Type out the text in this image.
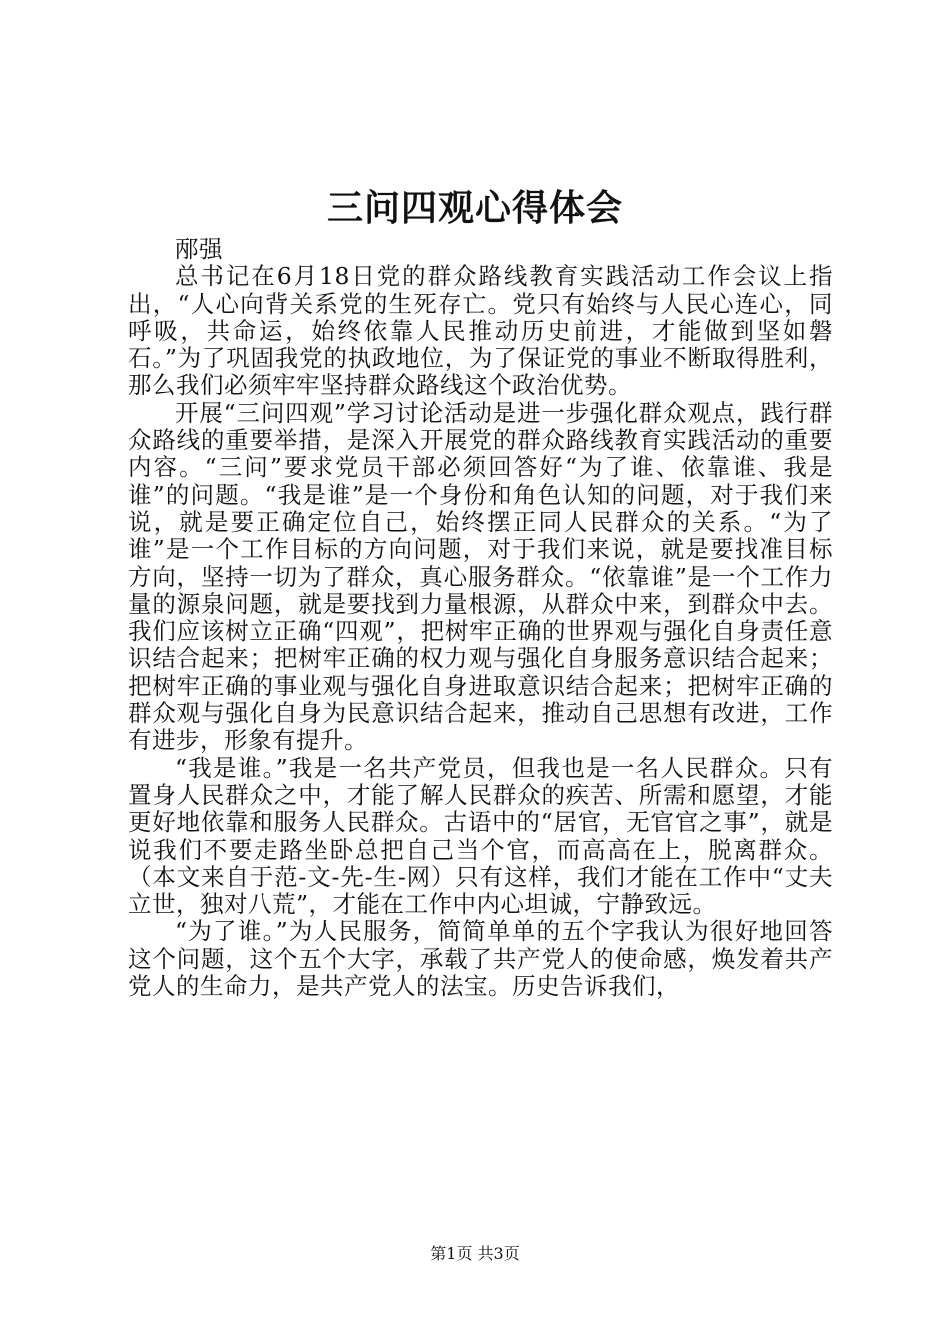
三问四观心得体会

邴强

总书记在6月18日党的群众路线教育实践活动工作会议上指出，“人心向背关系党的生死存亡。党只有始终与人民心连心，同呼吸，共命运，始终依靠人民推动历史前进，才能做到坚如磐石。”为了巩固我党的执政地位，为了保证党的事业不断取得胜利，那么我们必须牢牢坚持群众路线这个政治优势。

开展“三问四观”学习讨论活动是进一步强化群众观点，践行群众路线的重要举措，是深入开展党的群众路线教育实践活动的重要内容。“三问”要求党员干部必须回答好“为了谁、依靠谁、我是谁”的问题。“我是谁”是一个身份和角色认知的问题，对于我们来说，就是要正确定位自己，始终摆正同人民群众的关系。“为了谁”是一个工作目标的方向问题，对于我们来说，就是要找准目标方向，坚持一切为了群众，真心服务群众。“依靠谁”是一个工作力量的源泉问题，就是要找到力量根源，从群众中来，到群众中去。我们应该树立正确“四观”，把树牢正确的世界观与强化自身责任意识结合起来；把树牢正确的权力观与强化自身服务意识结合起来；把树牢正确的事业观与强化自身进取意识结合起来；把树牢正确的群众观与强化自身为民意识结合起来，推动自己思想有改进，工作有进步，形象有提升。

“我是谁。”我是一名共产党员，但我也是一名人民群众。只有置身人民群众之中，才能了解人民群众的疾苦、所需和愿望，才能更好地依靠和服务人民群众。古语中的“居官，无官官之事”，就是说我们不要走路坐卧总把自己当个官，而高高在上，脱离群众。（本文来自于范-文-先-生-网）只有这样，我们才能在工作中“丈夫立世，独对八荒”，才能在工作中内心坦诚，宁静致远。

“为了谁。”为人民服务，简简单单的五个字我认为很好地回答这个问题，这个五个大字，承载了共产党人的使命感，焕发着共产党人的生命力，是共产党人的法宝。历史告诉我们，

第1页 共3页
